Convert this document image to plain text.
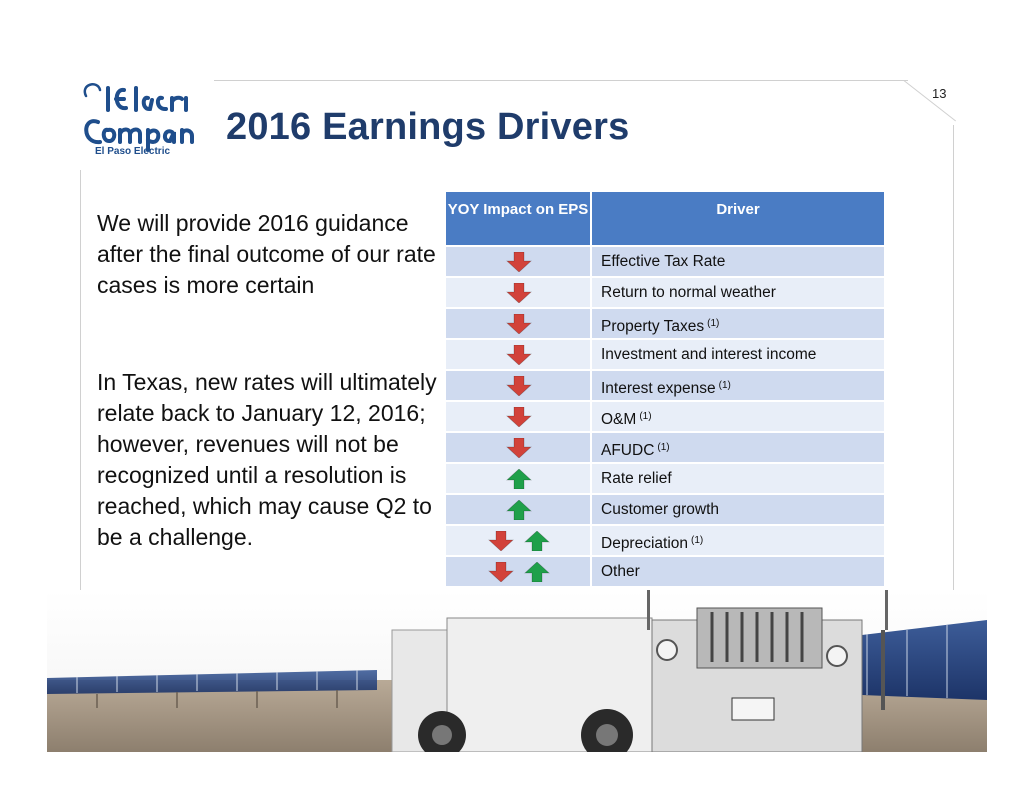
13
El Paso Electric
2016 Earnings Drivers
We will provide 2016 guidance after the final outcome of our rate cases is more certain
In Texas, new rates will ultimately relate back to January 12, 2016; however, revenues will not be recognized until a resolution is reached, which may cause Q2 to be a challenge.
YOY Impact on EPS	Driver
Effective Tax Rate
Return to normal weather
Property Taxes $^{(1)}$
Investment and interest income
Interest expense $^{(1)}$
O&M $^{(1)}$
AFUDC $^{(1)}$
Rate relief
Customer growth
Depreciation $^{(1)}$
Other
